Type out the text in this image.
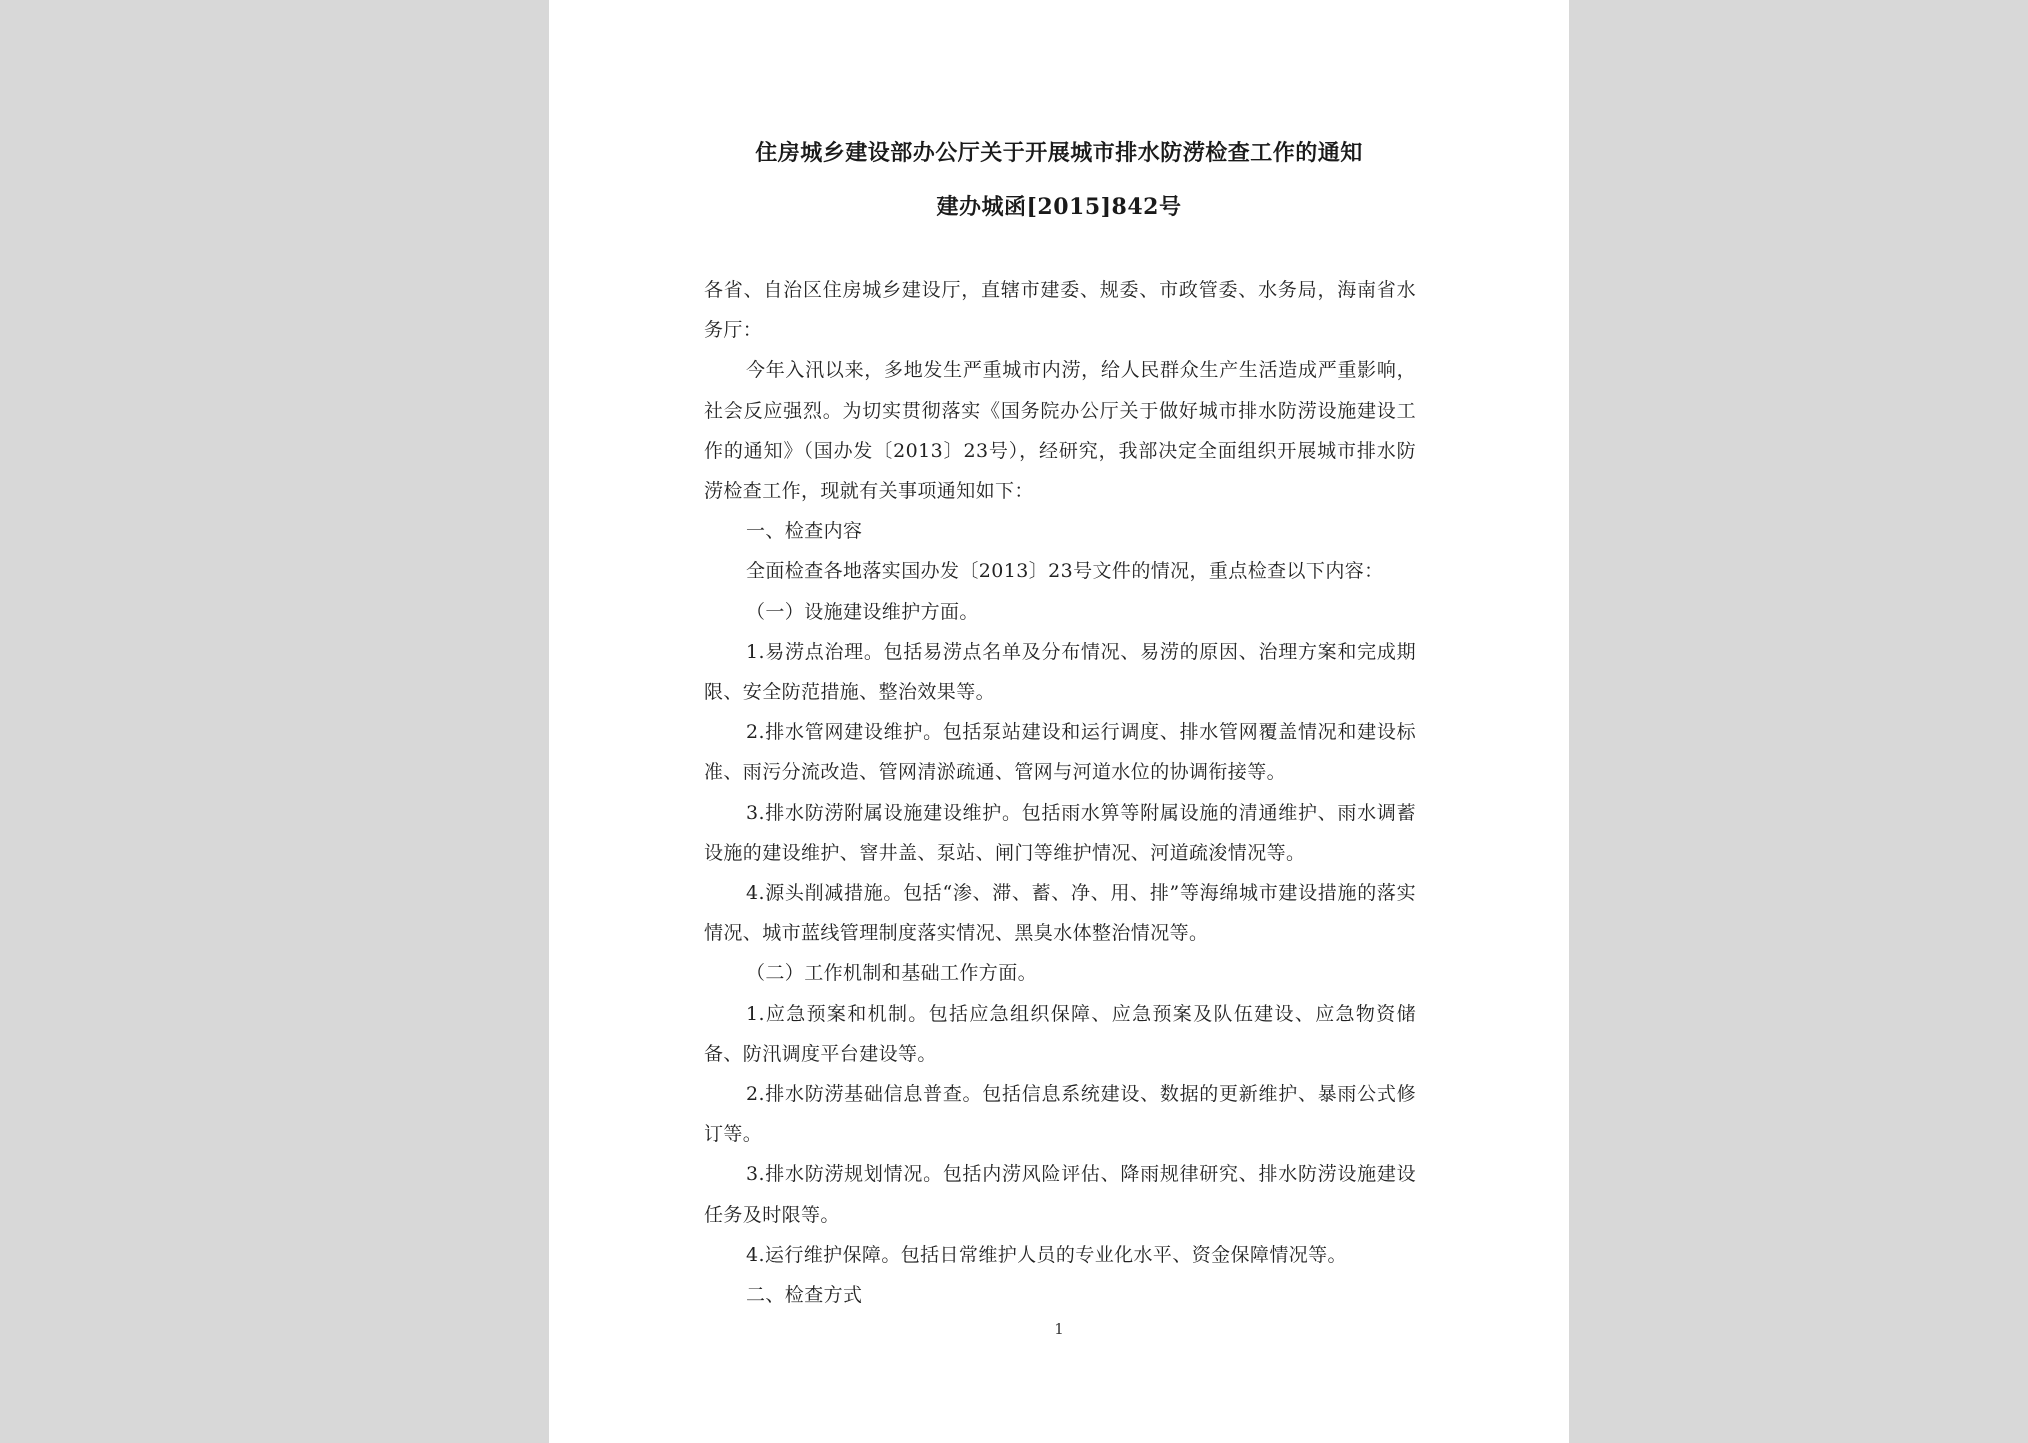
住房城乡建设部办公厅关于开展城市排水防涝检查工作的通知
建办城函[2015]842号

各省、自治区住房城乡建设厅，直辖市建委、规委、市政管委、水务局，海南省水务厅：

今年入汛以来，多地发生严重城市内涝，给人民群众生产生活造成严重影响，社会反应强烈。为切实贯彻落实《国务院办公厅关于做好城市排水防涝设施建设工作的通知》（国办发〔2013〕23号），经研究，我部决定全面组织开展城市排水防涝检查工作，现就有关事项通知如下：

一、检查内容

全面检查各地落实国办发〔2013〕23号文件的情况，重点检查以下内容：

（一）设施建设维护方面。

1.易涝点治理。包括易涝点名单及分布情况、易涝的原因、治理方案和完成期限、安全防范措施、整治效果等。

2.排水管网建设维护。包括泵站建设和运行调度、排水管网覆盖情况和建设标准、雨污分流改造、管网清淤疏通、管网与河道水位的协调衔接等。

3.排水防涝附属设施建设维护。包括雨水箅等附属设施的清通维护、雨水调蓄设施的建设维护、窨井盖、泵站、闸门等维护情况、河道疏浚情况等。

4.源头削减措施。包括“渗、滞、蓄、净、用、排”等海绵城市建设措施的落实情况、城市蓝线管理制度落实情况、黑臭水体整治情况等。

（二）工作机制和基础工作方面。

1.应急预案和机制。包括应急组织保障、应急预案及队伍建设、应急物资储备、防汛调度平台建设等。

2.排水防涝基础信息普查。包括信息系统建设、数据的更新维护、暴雨公式修订等。

3.排水防涝规划情况。包括内涝风险评估、降雨规律研究、排水防涝设施建设任务及时限等。

4.运行维护保障。包括日常维护人员的专业化水平、资金保障情况等。

二、检查方式

1
